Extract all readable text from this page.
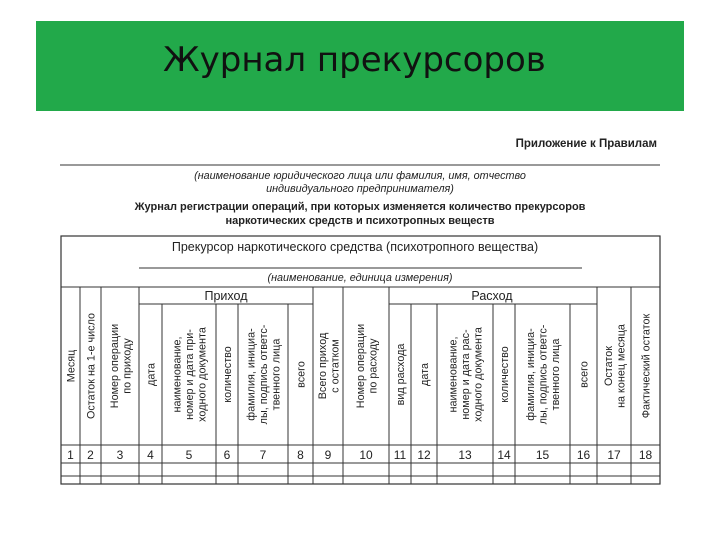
Журнал прекурсоров
Приложение к Правилам
(наименование юридического лица или фамилия, имя, отчество
индивидуального предпринимателя)
Журнал регистрации операций, при которых изменяется количество прекурсоров
наркотических средств и психотропных веществ
Прекурсор наркотического средства (психотропного вещества)
(наименование, единица измерения)
Приход	Расход
Месяц
1
Остаток на 1-е число
2
Номер операции по приходу
3
дата
4
наименование, номер и дата при- ходного документа
5
количество
6
фамилия, инициа- лы, подпись ответс- твенного лица
7
всего
8
Всего приход с остатком
9
Номер операции по расходу
10
вид расхода
11
дата
12
наименование, номер и дата рас- ходного документа
13
количество
14
фамилия, инициа- лы, подпись ответс- твенного лица
15
всего
16
Остаток на конец месяца
17
Фактический остаток
18
